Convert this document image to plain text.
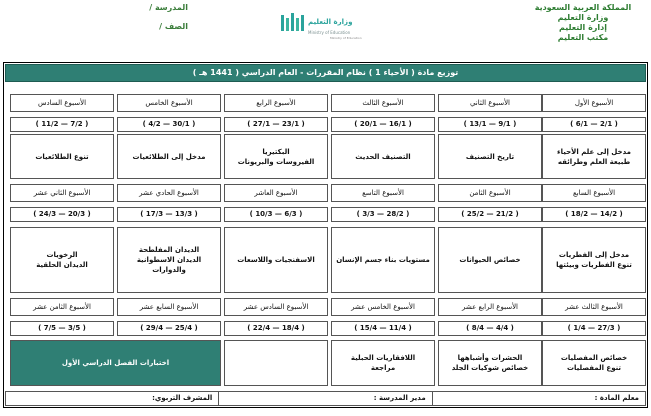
المملكة العربية السعودية
وزارة التعليم
إدارة التعليم
مكتب التعليم
وزارة التعليم
Ministry of Education
Ministry of Education
المدرسة /
الصف /
توزيع مادة ( الأحياء 1 ) نظام المقررات - العام الدراسي ( 1441 هـ )
الأسبوع الأول
الأسبوع الثاني
الأسبوع الثالث
الأسبوع الرابع
الأسبوع الخامس
الأسبوع السادس
( 2/1 — 6/1 )
( 9/1 — 13/1 )
( 16/1 — 20/1 )
( 23/1 — 27/1 )
( 30/1 — 4/2 )
( 7/2 — 11/2 )
مدخل إلى علم الأحياء
طبيعة العلم وطرائقه
تاريخ التصنيف
التصنيف الحديث
البكتيريا
الفيروسات والبريونات
مدخل إلى الطلائعيات
تنوع الطلائعيات
الأسبوع السابع
الأسبوع الثامن
الأسبوع التاسع
الأسبوع العاشر
الأسبوع الحادي عشر
الأسبوع الثاني عشر
( 14/2 — 18/2 )
( 21/2 — 25/2 )
( 28/2 — 3/3 )
( 6/3 — 10/3 )
( 13/3 — 17/3 )
( 20/3 — 24/3 )
مدخل إلى الفطريات
تنوع الفطريات وبيئتها
خصائص الحيوانات
مستويات بناء جسم الإنسان
الاسفنجيات واللاسعات
الديدان المفلطحة
الديدان الاسطوانية
والدوارات
الرخويات
الديدان الحلقية
الأسبوع الثالث عشر
الأسبوع الرابع عشر
الأسبوع الخامس عشر
الأسبوع السادس عشر
الأسبوع السابع عشر
الأسبوع الثامن عشر
( 27/3 — 1/4 )
( 4/4 — 8/4 )
( 11/4 — 15/4 )
( 18/4 — 22/4 )
( 25/4 — 29/4 )
( 3/5 — 7/5 )
خصائص المفصليات
تنوع المفصليات
الحشرات وأشباهها
خصائص شوكيات الجلد
اللافقاريات الحبلية
مراجعة
اختبارات الفصل الدراسي الأول
معلم المادة :
مدير المدرسة :
المشرف التربوي:
